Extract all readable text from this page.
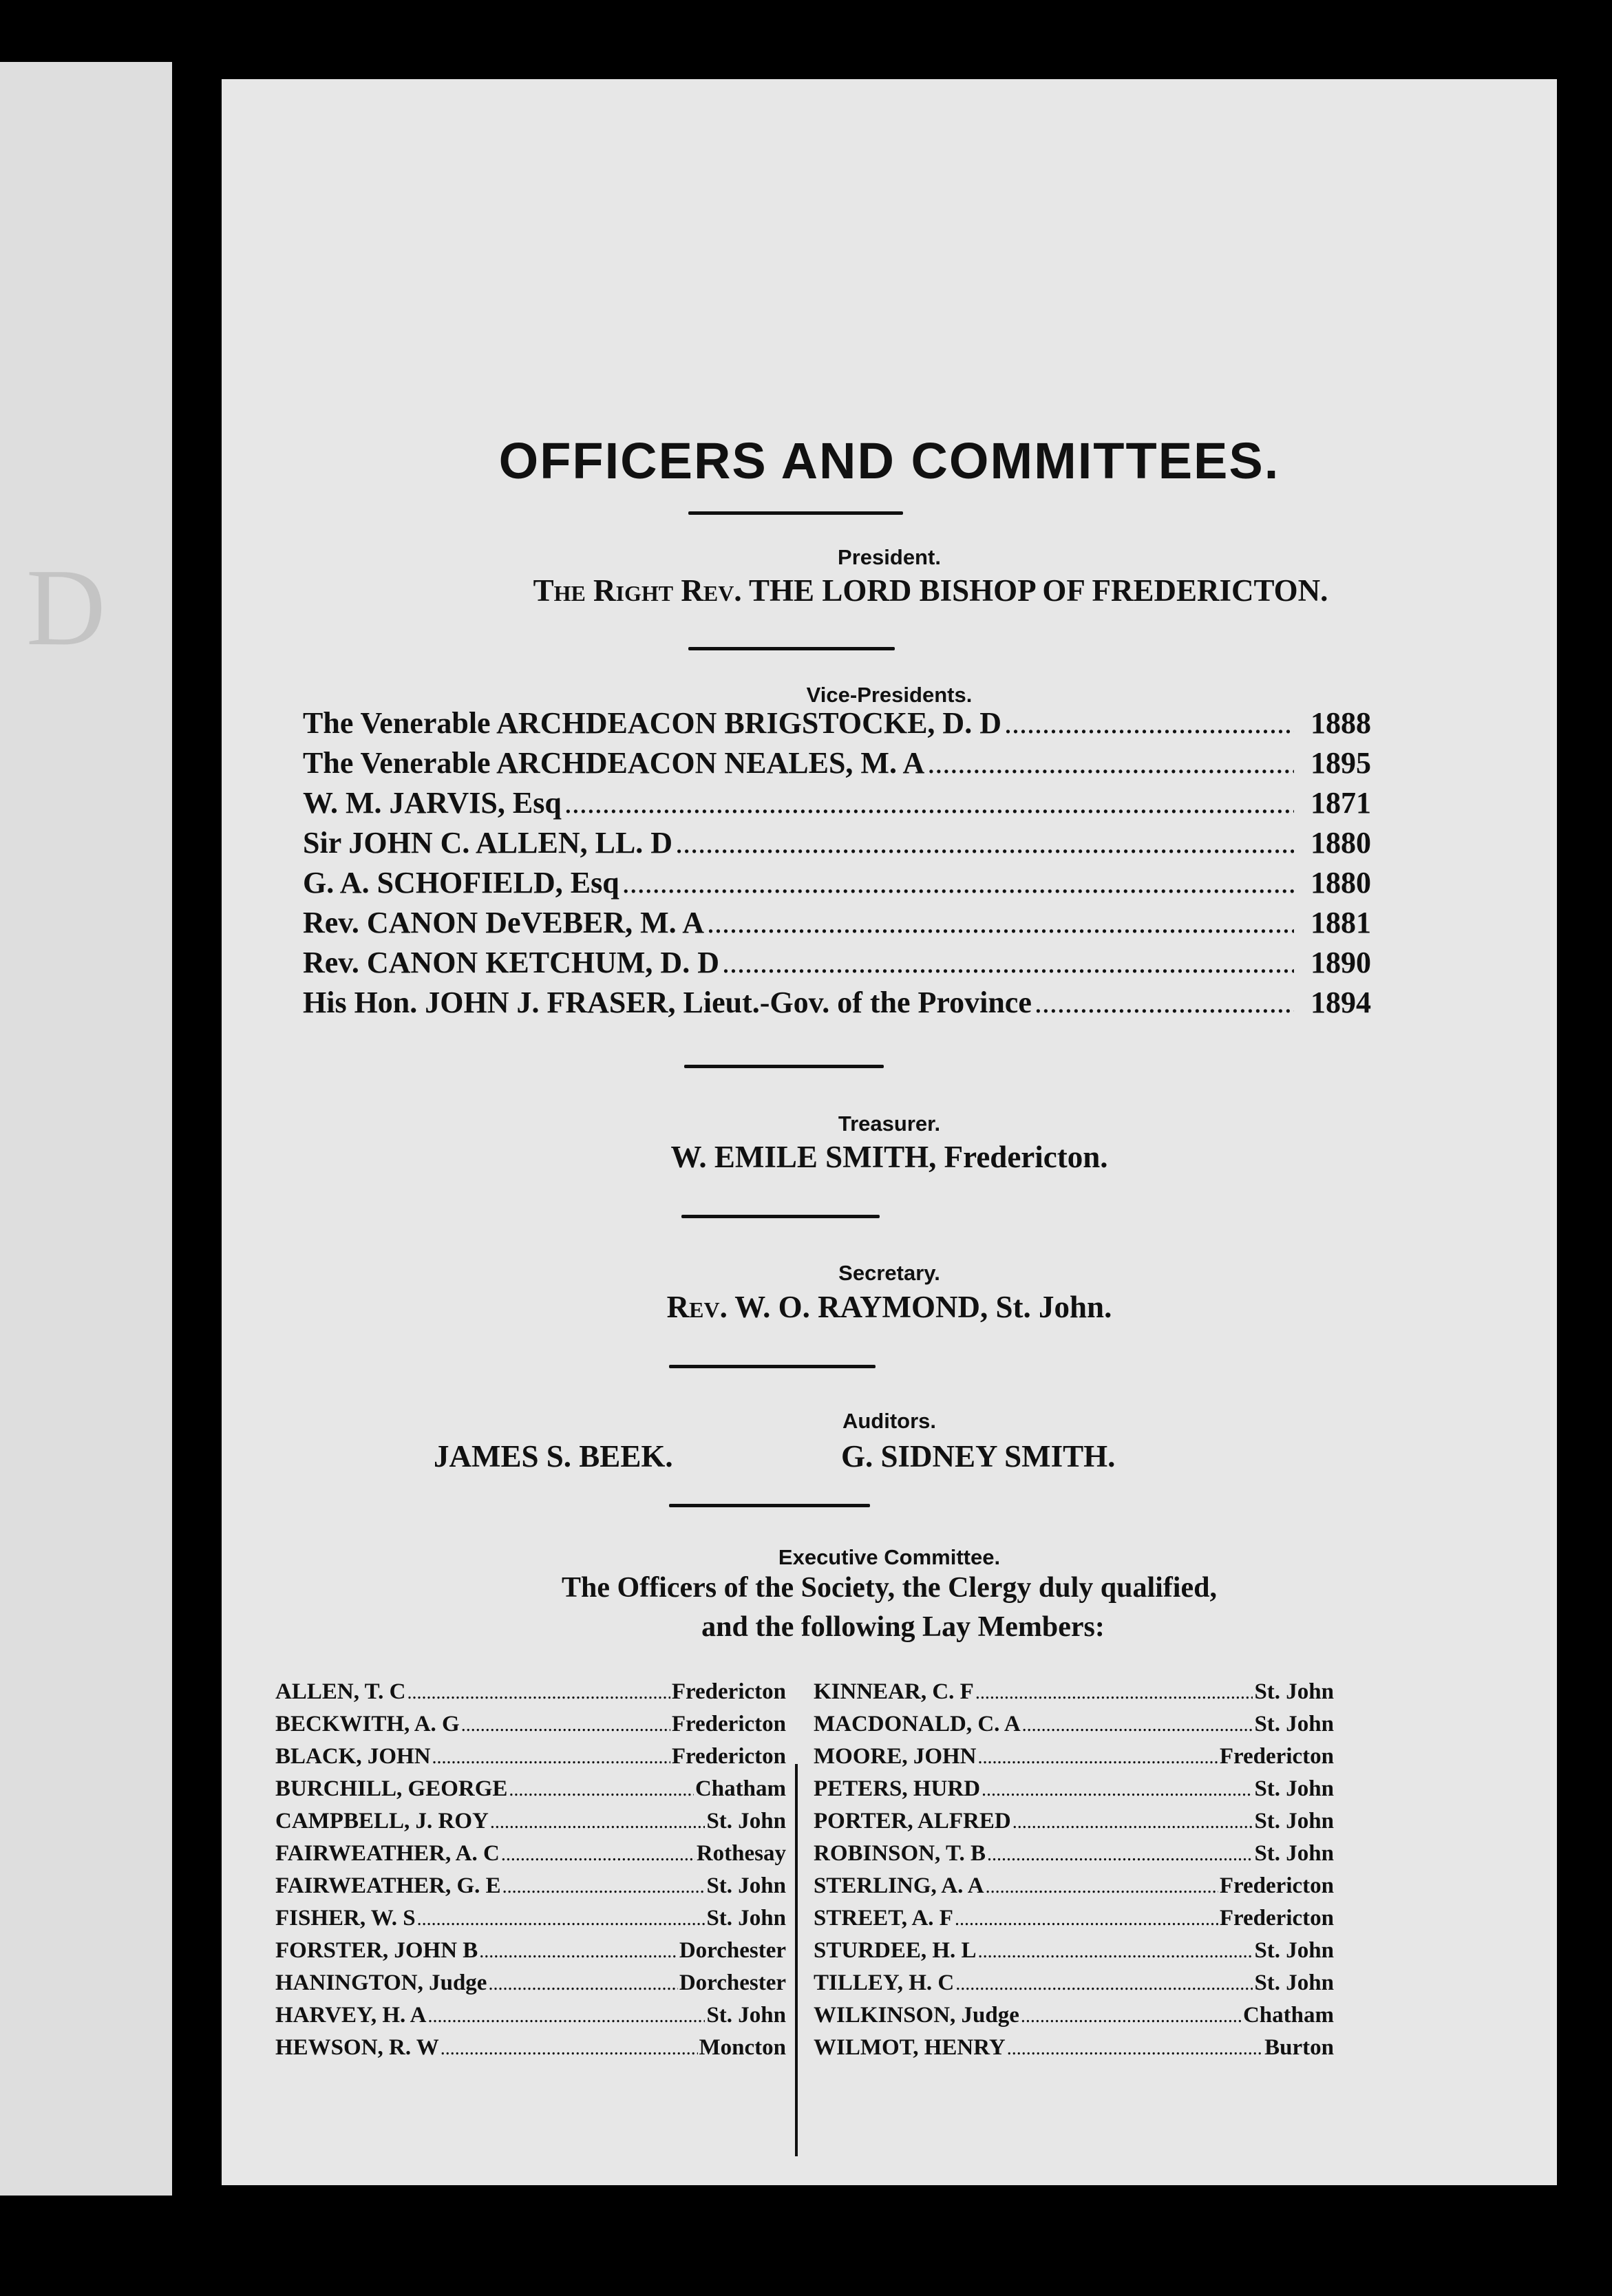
D
OFFICERS AND COMMITTEES.
President.
The Right Rev. THE LORD BISHOP OF FREDERICTON.
Vice-Presidents.
The Venerable ARCHDEACON BRIGSTOCKE, D. D .....	1888
The Venerable ARCHDEACON NEALES, M. A .....	1895
W. M. JARVIS, Esq .....	1871
Sir JOHN C. ALLEN, LL. D .....	1880
G. A. SCHOFIELD, Esq .....	1880
Rev. CANON DeVEBER, M. A .....	1881
Rev. CANON KETCHUM, D. D .....	1890
His Hon. JOHN J. FRASER, Lieut.-Gov. of the Province .....	1894
Treasurer.
W. EMILE SMITH, Fredericton.
Secretary.
Rev. W. O. RAYMOND, St. John.
Auditors.
JAMES S. BEEK.	G. SIDNEY SMITH.
Executive Committee.
The Officers of the Society, the Clergy duly qualified,
and the following Lay Members:
ALLEN, T. C .....	Fredericton
BECKWITH, A. G .....	Fredericton
BLACK, JOHN .....	Fredericton
BURCHILL, GEORGE .....	Chatham
CAMPBELL, J. ROY .....	St. John
FAIRWEATHER, A. C .....	Rothesay
FAIRWEATHER, G. E .....	St. John
FISHER, W. S .....	St. John
FORSTER, JOHN B .....	Dorchester
HANINGTON, Judge .....	Dorchester
HARVEY, H. A .....	St. John
HEWSON, R. W .....	Moncton
KINNEAR, C. F .....	St. John
MACDONALD, C. A .....	St. John
MOORE, JOHN .....	Fredericton
PETERS, HURD .....	St. John
PORTER, ALFRED .....	St. John
ROBINSON, T. B .....	St. John
STERLING, A. A .....	Fredericton
STREET, A. F .....	Fredericton
STURDEE, H. L .....	St. John
TILLEY, H. C .....	St. John
WILKINSON, Judge .....	Chatham
WILMOT, HENRY .....	Burton
